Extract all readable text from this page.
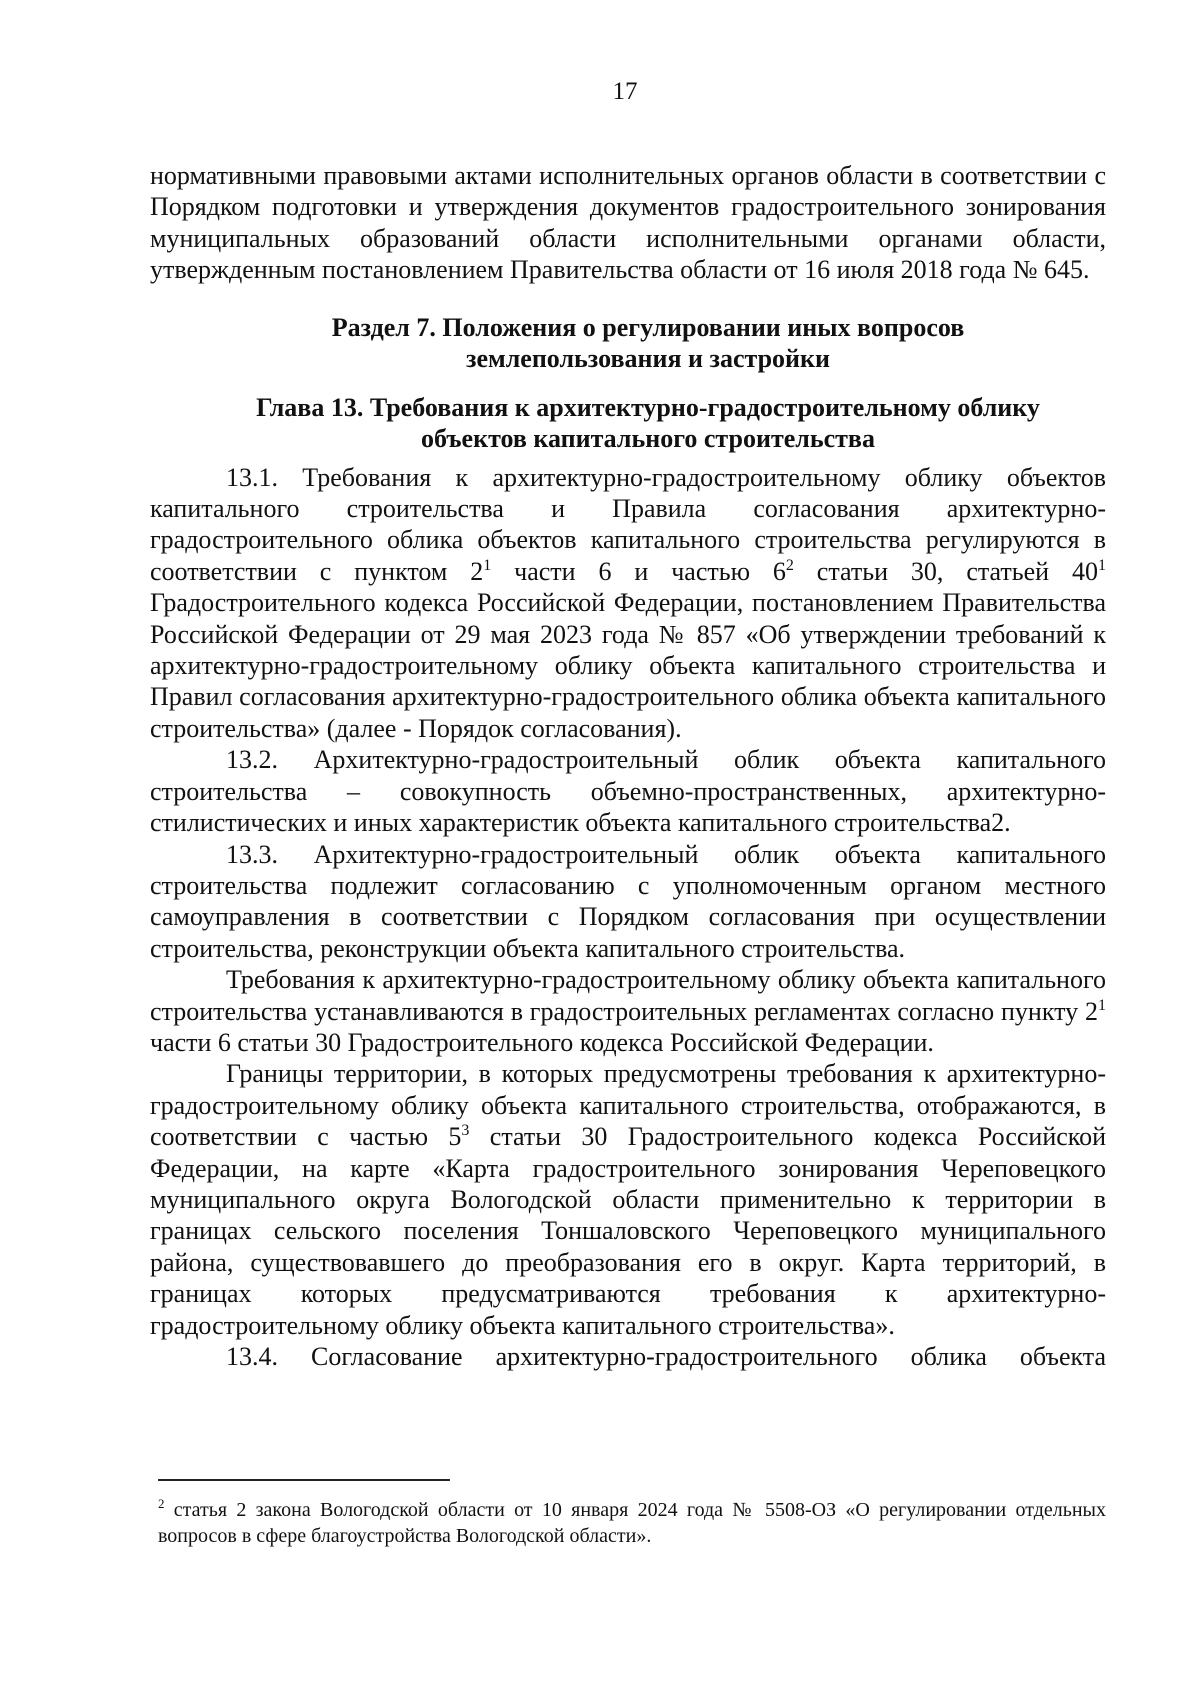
17

нормативными правовыми актами исполнительных органов области в соответствии с Порядком подготовки и утверждения документов градостроительного зонирования муниципальных образований области исполнительными органами области, утвержденным постановлением Правительства области от 16 июля 2018 года № 645.

Раздел 7. Положения о регулировании иных вопросов
землепользования и застройки
Глава 13. Требования к архитектурно-градостроительному облику
объектов капитального строительства

13.1. Требования к архитектурно-градостроительному облику объектов капитального строительства и Правила согласования архитектурно-градостроительного облика объектов капитального строительства регулируются в соответствии с пунктом $2^1$ части 6 и частью $6^2$ статьи 30, статьей $40^1$ Градостроительного кодекса Российской Федерации, постановлением Правительства Российской Федерации от 29 мая 2023 года № 857 «Об утверждении требований к архитектурно-градостроительному облику объекта капитального строительства и Правил согласования архитектурно-градостроительного облика объекта капитального строительства» (далее - Порядок согласования).

13.2. Архитектурно-градостроительный облик объекта капитального строительства – совокупность объемно-пространственных, архитектурно-стилистических и иных характеристик объекта капитального строительства2.

13.3. Архитектурно-градостроительный облик объекта капитального строительства подлежит согласованию с уполномоченным органом местного самоуправления в соответствии с Порядком согласования при осуществлении строительства, реконструкции объекта капитального строительства.

Требования к архитектурно-градостроительному облику объекта капитального строительства устанавливаются в градостроительных регламентах согласно пункту $2^1$ части 6 статьи 30 Градостроительного кодекса Российской Федерации.

Границы территории, в которых предусмотрены требования к архитектурно-градостроительному облику объекта капитального строительства, отображаются, в соответствии с частью $5^3$ статьи 30 Градостроительного кодекса Российской Федерации, на карте «Карта градостроительного зонирования Череповецкого муниципального округа Вологодской области применительно к территории в границах сельского поселения Тоншаловского Череповецкого муниципального района, существовавшего до преобразования его в округ. Карта территорий, в границах которых предусматриваются требования к архитектурно-градостроительному облику объекта капитального строительства».

13.4. Согласование архитектурно-градостроительного облика объекта

$^2$ статья 2 закона Вологодской области от 10 января 2024 года № 5508-ОЗ «О регулировании отдельных вопросов в сфере благоустройства Вологодской области».
